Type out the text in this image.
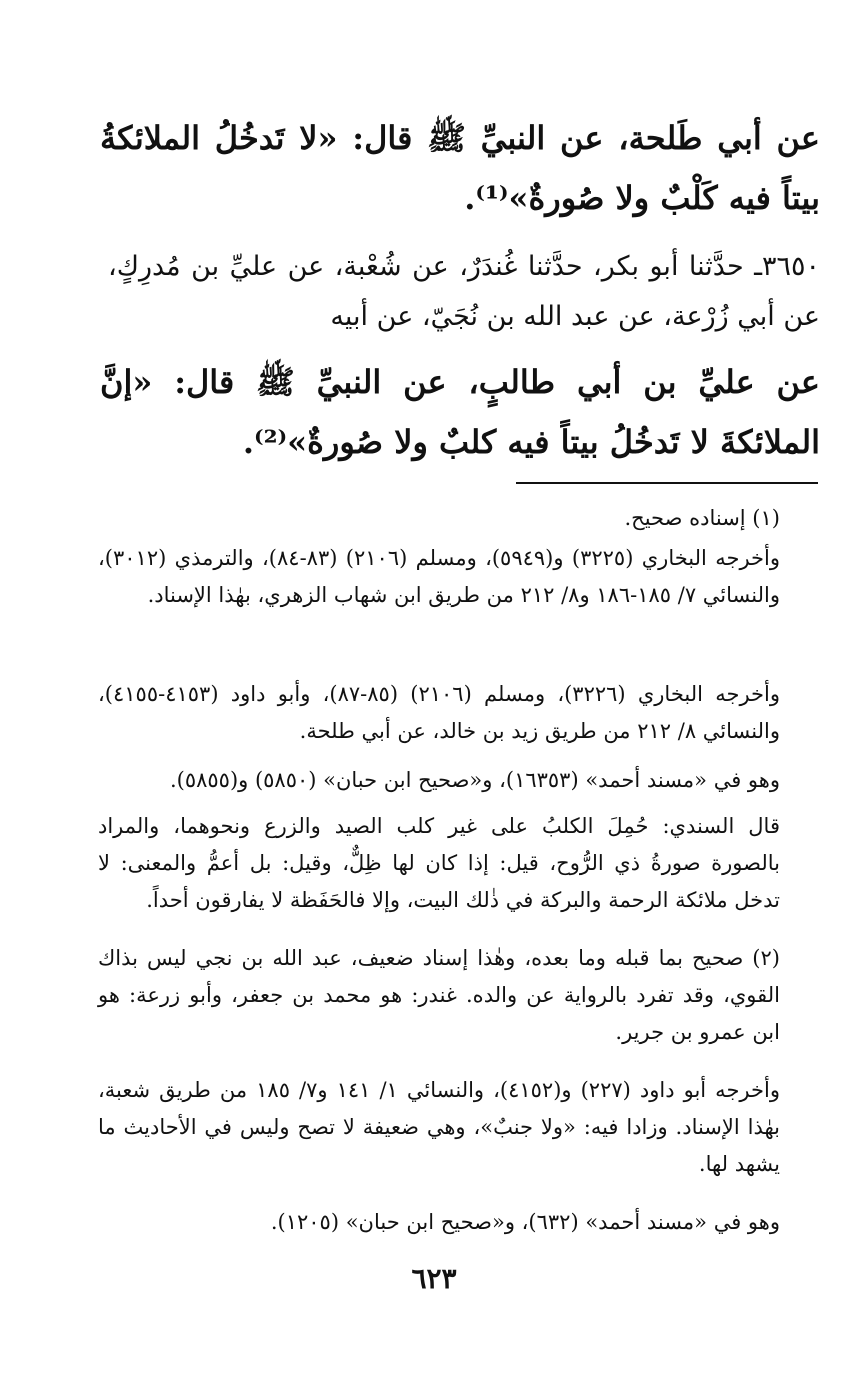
عن أبي طَلحة، عن النبيِّ ﷺ قال: «لا تَدخُلُ الملائكةُ بيتاً فيه كَلْبٌ ولا صُورةٌ»⁽¹⁾.
٣٦٥٠ـ حدَّثنا أبو بكر، حدَّثنا غُندَرٌ، عن شُعْبة، عن عليِّ بن مُدرِكٍ، عن أبي زُرْعة، عن عبد الله بن نُجَيّ، عن أبيه
عن عليِّ بن أبي طالبٍ، عن النبيِّ ﷺ قال: «إنَّ الملائكةَ لا تَدخُلُ بيتاً فيه كلبٌ ولا صُورةٌ»⁽²⁾.
(١) إسناده صحيح.
وأخرجه البخاري (٣٢٢٥) و(٥٩٤٩)، ومسلم (٢١٠٦) (٨٣-٨٤)، والترمذي (٣٠١٢)، والنسائي ٧/ ١٨٥-١٨٦ و٨/ ٢١٢ من طريق ابن شهاب الزهري، بهٰذا الإسناد.
وأخرجه البخاري (٣٢٢٦)، ومسلم (٢١٠٦) (٨٥-٨٧)، وأبو داود (٤١٥٣-٤١٥٥)، والنسائي ٨/ ٢١٢ من طريق زيد بن خالد، عن أبي طلحة.
وهو في «مسند أحمد» (١٦٣٥٣)، و«صحيح ابن حبان» (٥٨٥٠) و(٥٨٥٥).
قال السندي: حُمِلَ الكلبُ على غير كلب الصيد والزرع ونحوهما، والمراد بالصورة صورةُ ذي الرُّوح، قيل: إذا كان لها ظِلٌّ، وقيل: بل أعمُّ والمعنى: لا تدخل ملائكة الرحمة والبركة في ذٰلك البيت، وإلا فالحَفَظة لا يفارقون أحداً.
(٢) صحيح بما قبله وما بعده، وهٰذا إسناد ضعيف، عبد الله بن نجي ليس بذاك القوي، وقد تفرد بالرواية عن والده. غندر: هو محمد بن جعفر، وأبو زرعة: هو ابن عمرو بن جرير.
وأخرجه أبو داود (٢٢٧) و(٤١٥٢)، والنسائي ١/ ١٤١ و٧/ ١٨٥ من طريق شعبة، بهٰذا الإسناد. وزادا فيه: «ولا جنبٌ»، وهي ضعيفة لا تصح وليس في الأحاديث ما يشهد لها.
وهو في «مسند أحمد» (٦٣٢)، و«صحيح ابن حبان» (١٢٠٥).
٦٢٣
